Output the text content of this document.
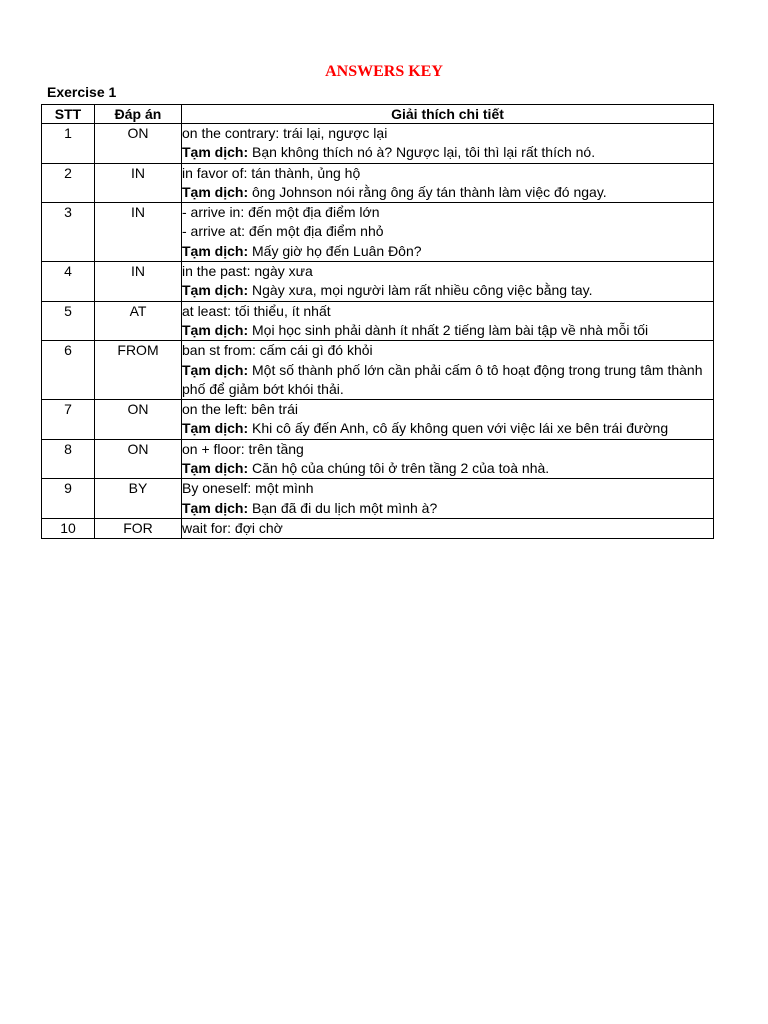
ANSWERS KEY
Exercise 1
STT	Đáp án	Giải thích chi tiết
1	ON	on the contrary: trái lại, ngược lại
Tạm dịch: Bạn không thích nó à? Ngược lại, tôi thì lại rất thích nó.

2	IN	in favor of: tán thành, ủng hộ
Tạm dịch: ông Johnson nói rằng ông ấy tán thành làm việc đó ngay.

3	IN	- arrive in: đến một địa điểm lớn
- arrive at: đến một địa điểm nhỏ
Tạm dịch: Mấy giờ họ đến Luân Đôn?

4	IN	in the past: ngày xưa
Tạm dịch: Ngày xưa, mọi người làm rất nhiều công việc bằng tay.

5	AT	at least: tối thiểu, ít nhất
Tạm dịch: Mọi học sinh phải dành ít nhất 2 tiếng làm bài tập về nhà mỗi tối

6	FROM	ban st from: cấm cái gì đó khỏi
Tạm dịch: Một số thành phố lớn cần phải cấm ô tô hoạt động trong trung tâm thành phố để giảm bớt khói thải.

7	ON	on the left: bên trái
Tạm dịch: Khi cô ấy đến Anh, cô ấy không quen với việc lái xe bên trái đường

8	ON	on + floor: trên tầng
Tạm dịch: Căn hộ của chúng tôi ở trên tầng 2 của toà nhà.

9	BY	By oneself: một mình
Tạm dịch: Bạn đã đi du lịch một mình à?

10	FOR	wait for: đợi chờ
